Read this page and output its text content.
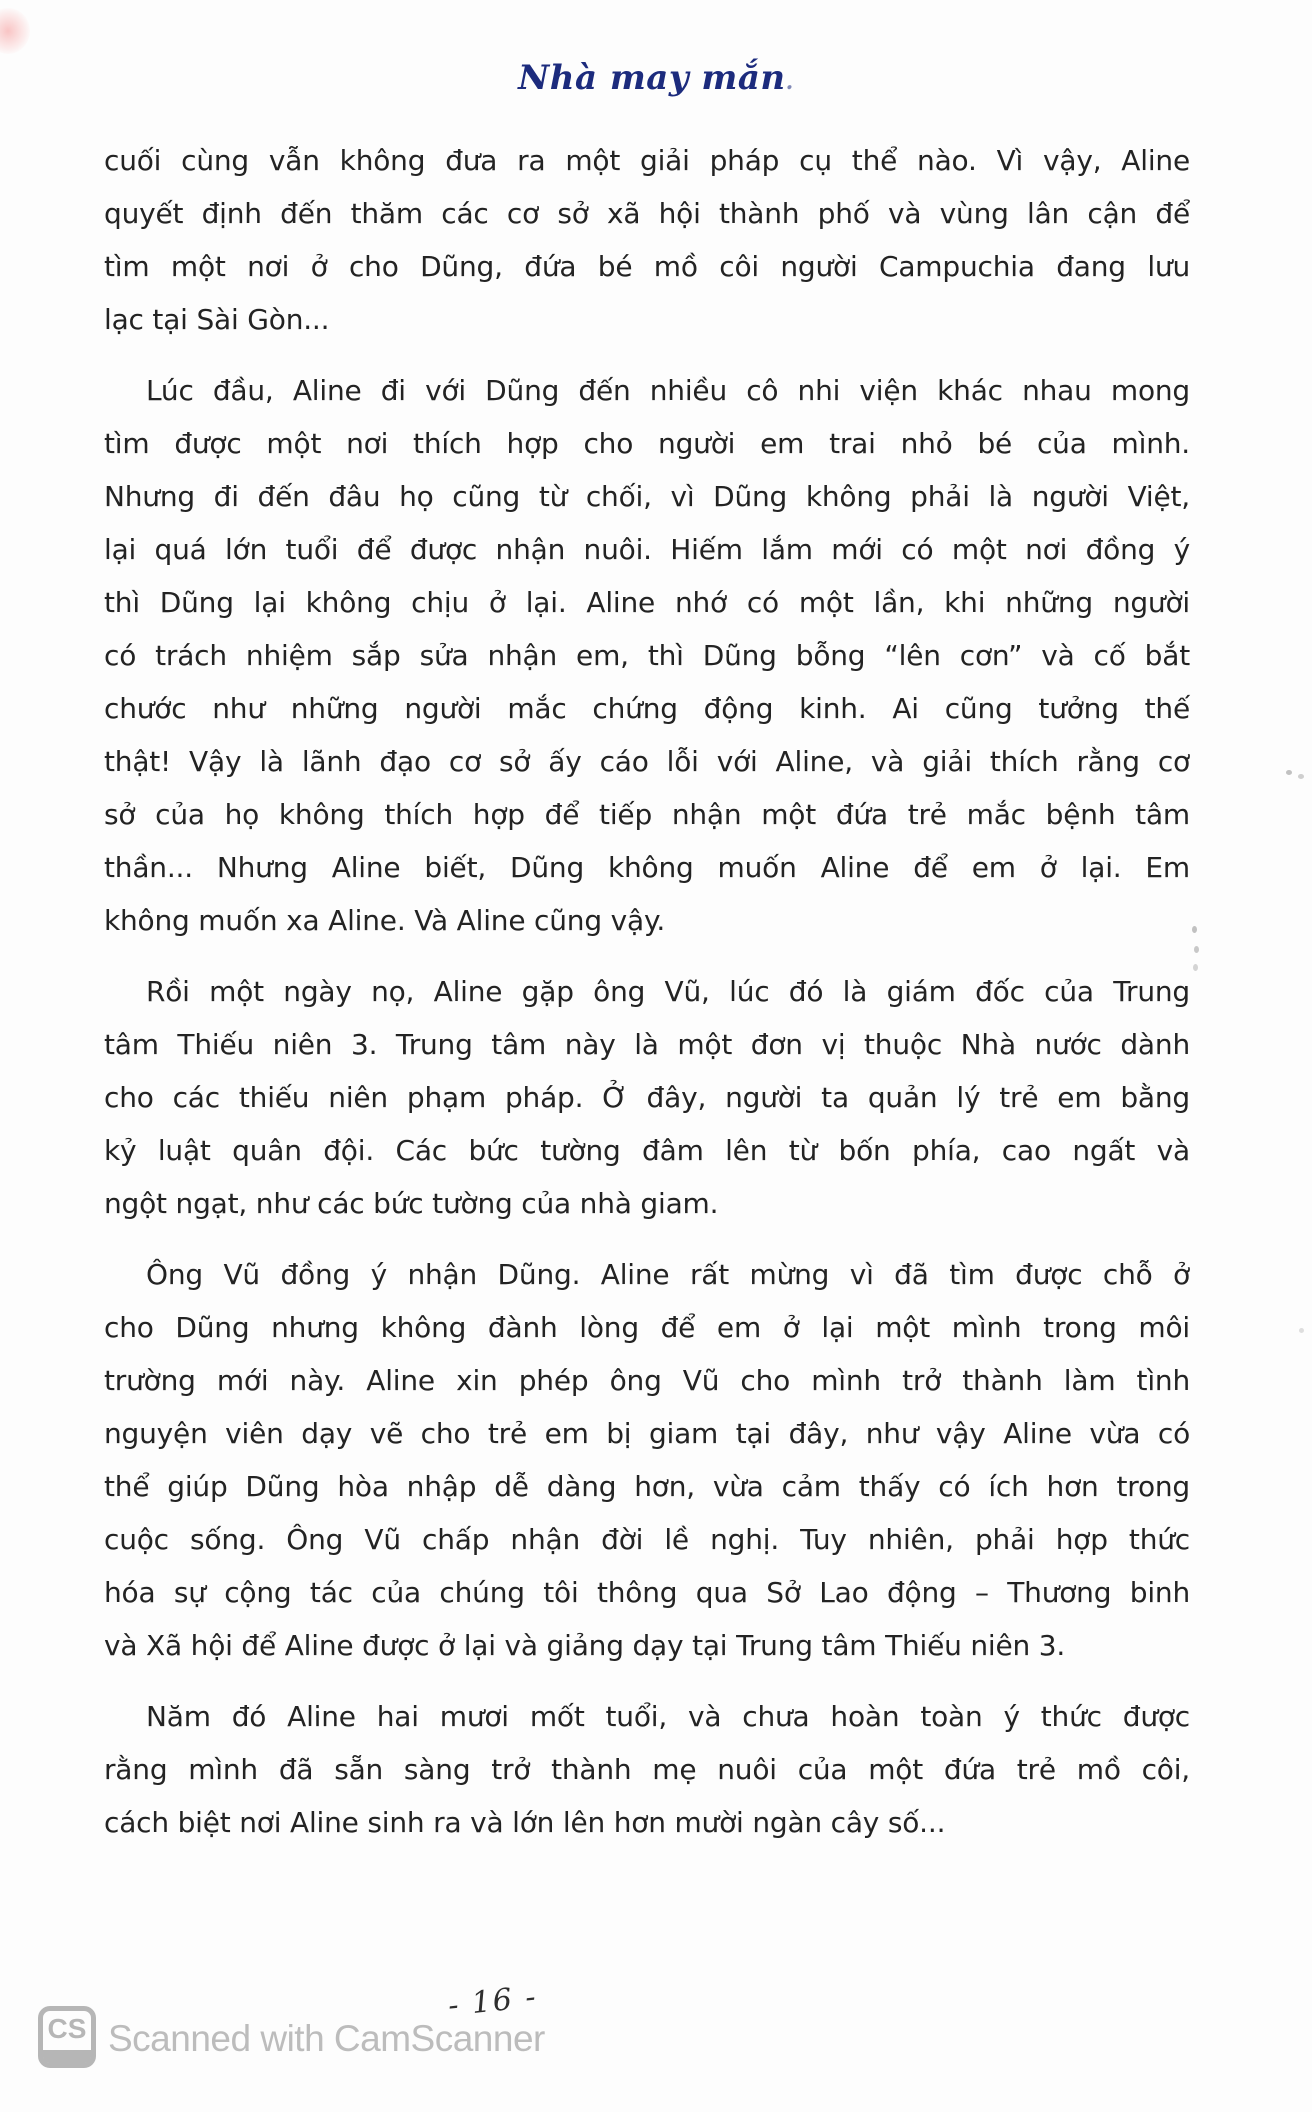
Nhà may mắn.

cuối cùng vẫn không đưa ra một giải pháp cụ thể nào. Vì vậy, Aline
quyết định đến thăm các cơ sở xã hội thành phố và vùng lân cận để
tìm một nơi ở cho Dũng, đứa bé mồ côi người Campuchia đang lưu
lạc tại Sài Gòn...

Lúc đầu, Aline đi với Dũng đến nhiều cô nhi viện khác nhau mong
tìm được một nơi thích hợp cho người em trai nhỏ bé của mình.
Nhưng đi đến đâu họ cũng từ chối, vì Dũng không phải là người Việt,
lại quá lớn tuổi để được nhận nuôi. Hiếm lắm mới có một nơi đồng ý
thì Dũng lại không chịu ở lại. Aline nhớ có một lần, khi những người
có trách nhiệm sắp sửa nhận em, thì Dũng bỗng “lên cơn” và cố bắt
chước như những người mắc chứng động kinh. Ai cũng tưởng thế
thật! Vậy là lãnh đạo cơ sở ấy cáo lỗi với Aline, và giải thích rằng cơ
sở của họ không thích hợp để tiếp nhận một đứa trẻ mắc bệnh tâm
thần... Nhưng Aline biết, Dũng không muốn Aline để em ở lại. Em
không muốn xa Aline. Và Aline cũng vậy.

Rồi một ngày nọ, Aline gặp ông Vũ, lúc đó là giám đốc của Trung
tâm Thiếu niên 3. Trung tâm này là một đơn vị thuộc Nhà nước dành
cho các thiếu niên phạm pháp. Ở đây, người ta quản lý trẻ em bằng
kỷ luật quân đội. Các bức tường đâm lên từ bốn phía, cao ngất và
ngột ngạt, như các bức tường của nhà giam.

Ông Vũ đồng ý nhận Dũng. Aline rất mừng vì đã tìm được chỗ ở
cho Dũng nhưng không đành lòng để em ở lại một mình trong môi
trường mới này. Aline xin phép ông Vũ cho mình trở thành làm tình
nguyện viên dạy vẽ cho trẻ em bị giam tại đây, như vậy Aline vừa có
thể giúp Dũng hòa nhập dễ dàng hơn, vừa cảm thấy có ích hơn trong
cuộc sống. Ông Vũ chấp nhận đời lề nghị. Tuy nhiên, phải hợp thức
hóa sự cộng tác của chúng tôi thông qua Sở Lao động – Thương binh
và Xã hội để Aline được ở lại và giảng dạy tại Trung tâm Thiếu niên 3.

Năm đó Aline hai mươi mốt tuổi, và chưa hoàn toàn ý thức được
rằng mình đã sẵn sàng trở thành mẹ nuôi của một đứa trẻ mồ côi,
cách biệt nơi Aline sinh ra và lớn lên hơn mười ngàn cây số...

- 16 -
CS Scanned with CamScanner
